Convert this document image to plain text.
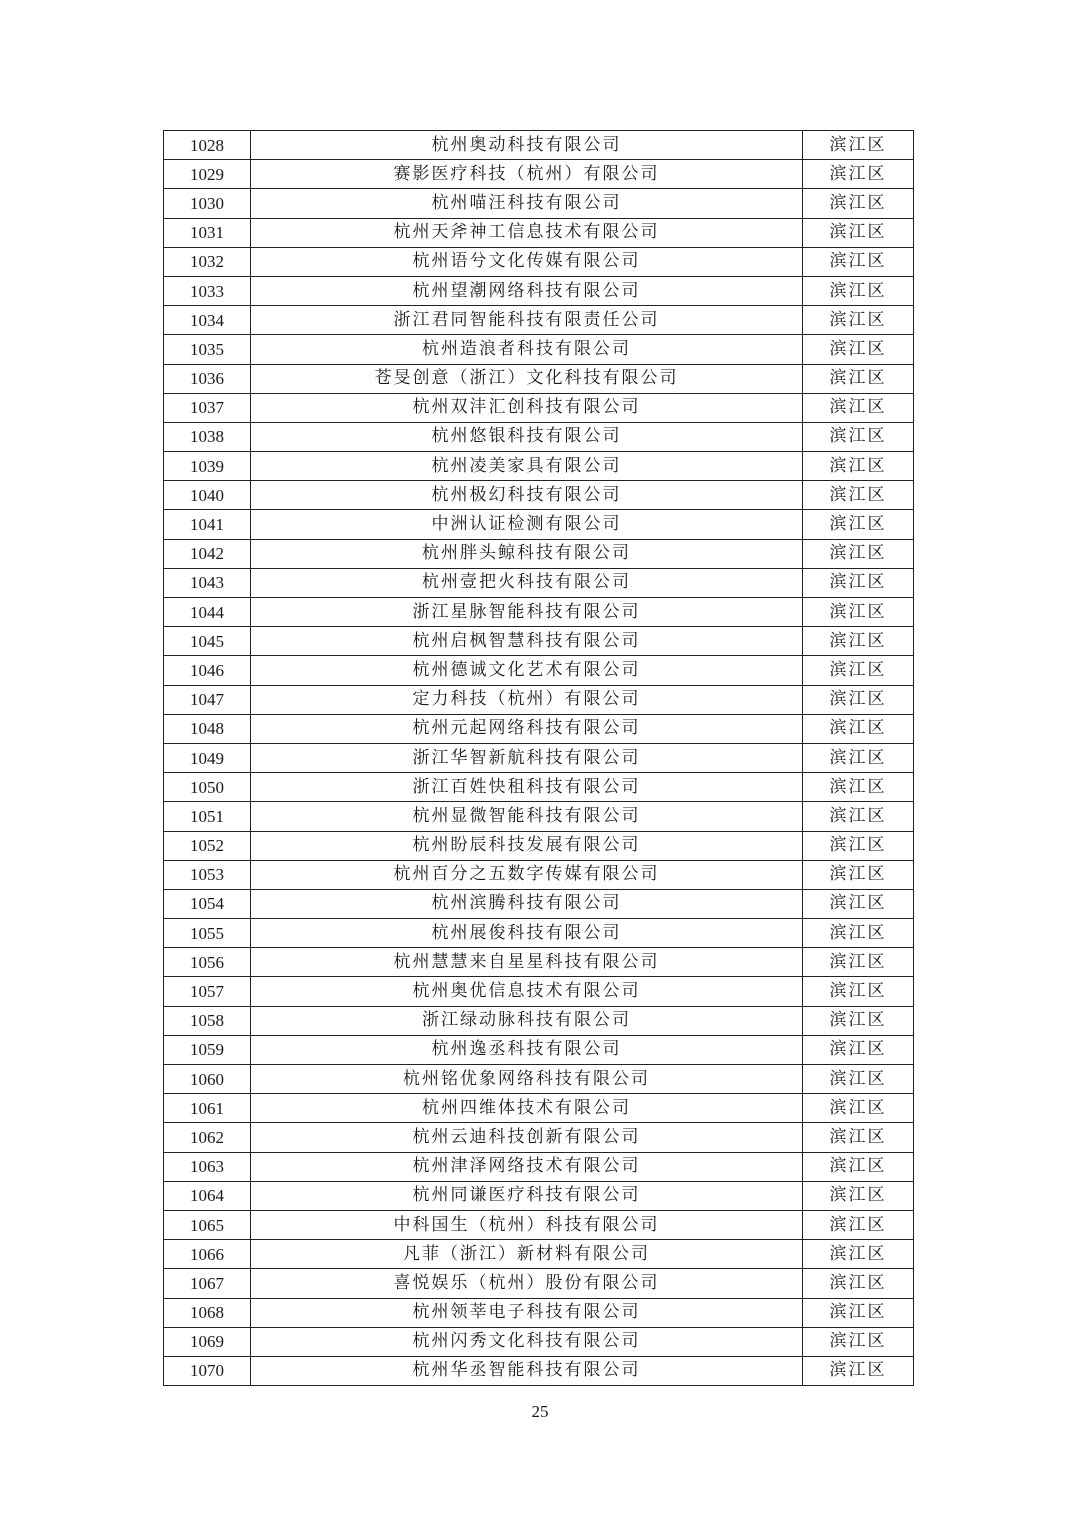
1028	杭州奥动科技有限公司	滨江区
1029	赛影医疗科技（杭州）有限公司	滨江区
1030	杭州喵汪科技有限公司	滨江区
1031	杭州天斧神工信息技术有限公司	滨江区
1032	杭州语兮文化传媒有限公司	滨江区
1033	杭州望潮网络科技有限公司	滨江区
1034	浙江君同智能科技有限责任公司	滨江区
1035	杭州造浪者科技有限公司	滨江区
1036	苍旻创意（浙江）文化科技有限公司	滨江区
1037	杭州双沣汇创科技有限公司	滨江区
1038	杭州悠银科技有限公司	滨江区
1039	杭州凌美家具有限公司	滨江区
1040	杭州极幻科技有限公司	滨江区
1041	中洲认证检测有限公司	滨江区
1042	杭州胖头鲸科技有限公司	滨江区
1043	杭州壹把火科技有限公司	滨江区
1044	浙江星脉智能科技有限公司	滨江区
1045	杭州启枫智慧科技有限公司	滨江区
1046	杭州德诚文化艺术有限公司	滨江区
1047	定力科技（杭州）有限公司	滨江区
1048	杭州元起网络科技有限公司	滨江区
1049	浙江华智新航科技有限公司	滨江区
1050	浙江百姓快租科技有限公司	滨江区
1051	杭州显微智能科技有限公司	滨江区
1052	杭州盼辰科技发展有限公司	滨江区
1053	杭州百分之五数字传媒有限公司	滨江区
1054	杭州滨腾科技有限公司	滨江区
1055	杭州展俊科技有限公司	滨江区
1056	杭州慧慧来自星星科技有限公司	滨江区
1057	杭州奥优信息技术有限公司	滨江区
1058	浙江绿动脉科技有限公司	滨江区
1059	杭州逸丞科技有限公司	滨江区
1060	杭州铭优象网络科技有限公司	滨江区
1061	杭州四维体技术有限公司	滨江区
1062	杭州云迪科技创新有限公司	滨江区
1063	杭州津泽网络技术有限公司	滨江区
1064	杭州同谦医疗科技有限公司	滨江区
1065	中科国生（杭州）科技有限公司	滨江区
1066	凡菲（浙江）新材料有限公司	滨江区
1067	喜悦娱乐（杭州）股份有限公司	滨江区
1068	杭州领莘电子科技有限公司	滨江区
1069	杭州闪秀文化科技有限公司	滨江区
1070	杭州华丞智能科技有限公司	滨江区
25
